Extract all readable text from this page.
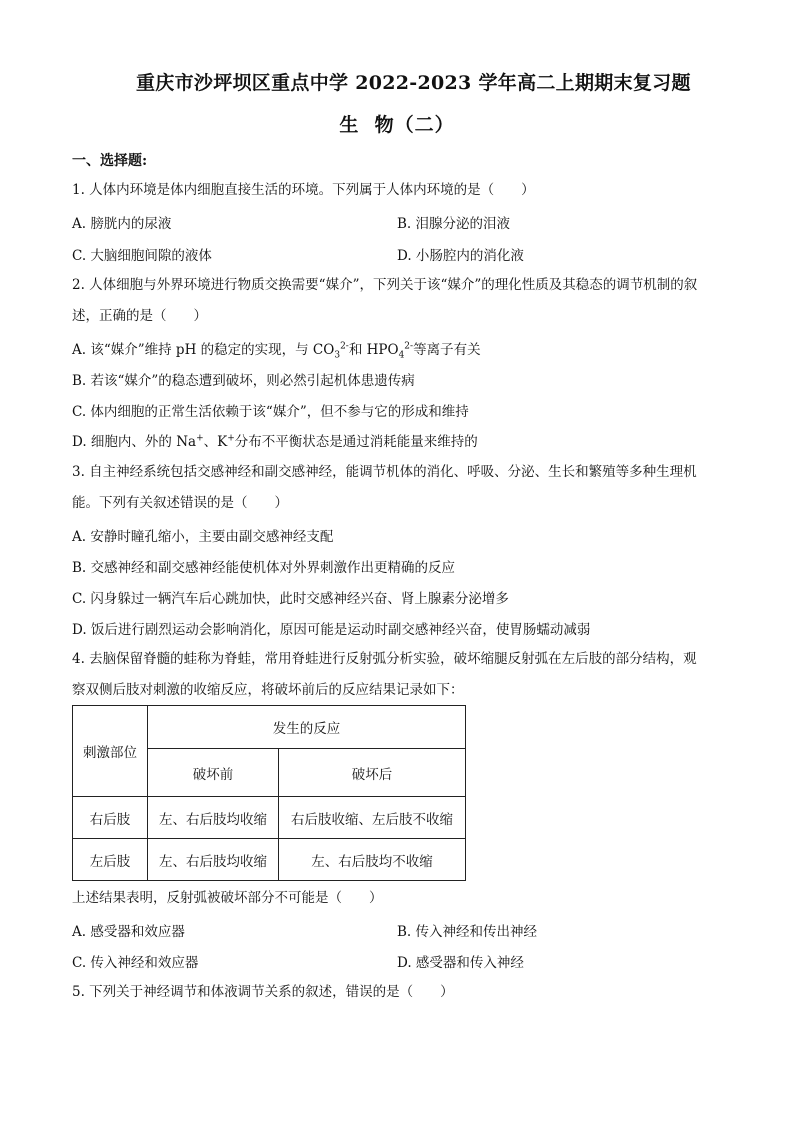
重庆市沙坪坝区重点中学 2022-2023 学年高二上期期末复习题
生  物（二）
一、选择题:
1. 人体内环境是体内细胞直接生活的环境。下列属于人体内环境的是（　　）
A. 膀胱内的尿液	B. 泪腺分泌的泪液
C. 大脑细胞间隙的液体	D. 小肠腔内的消化液
2. 人体细胞与外界环境进行物质交换需要“媒介”，下列关于该“媒介”的理化性质及其稳态的调节机制的叙
述，正确的是（　　）
A. 该“媒介”维持 pH 的稳定的实现，与 $CO_3^{2-}$和 $HPO_4^{2-}$等离子有关
B. 若该“媒介”的稳态遭到破坏，则必然引起机体患遗传病
C. 体内细胞的正常生活依赖于该“媒介”，但不参与它的形成和维持
D. 细胞内、外的 Na+、K+分布不平衡状态是通过消耗能量来维持的
3. 自主神经系统包括交感神经和副交感神经，能调节机体的消化、呼吸、分泌、生长和繁殖等多种生理机
能。下列有关叙述错误的是（　　）
A. 安静时瞳孔缩小，主要由副交感神经支配
B. 交感神经和副交感神经能使机体对外界刺激作出更精确的反应
C. 闪身躲过一辆汽车后心跳加快，此时交感神经兴奋、肾上腺素分泌增多
D. 饭后进行剧烈运动会影响消化，原因可能是运动时副交感神经兴奋，使胃肠蠕动减弱
4. 去脑保留脊髓的蛙称为脊蛙，常用脊蛙进行反射弧分析实验，破坏缩腿反射弧在左后肢的部分结构，观
察双侧后肢对刺激的收缩反应，将破坏前后的反应结果记录如下：
刺激部位	发生的反应	
	破坏前	破坏后
右后肢	左、右后肢均收缩	右后肢收缩、左后肢不收缩
左后肢	左、右后肢均收缩	左、右后肢均不收缩
上述结果表明，反射弧被破坏部分不可能是（　　）
A. 感受器和效应器	B. 传入神经和传出神经
C. 传入神经和效应器	D. 感受器和传入神经
5. 下列关于神经调节和体液调节关系的叙述，错误的是（　　）
